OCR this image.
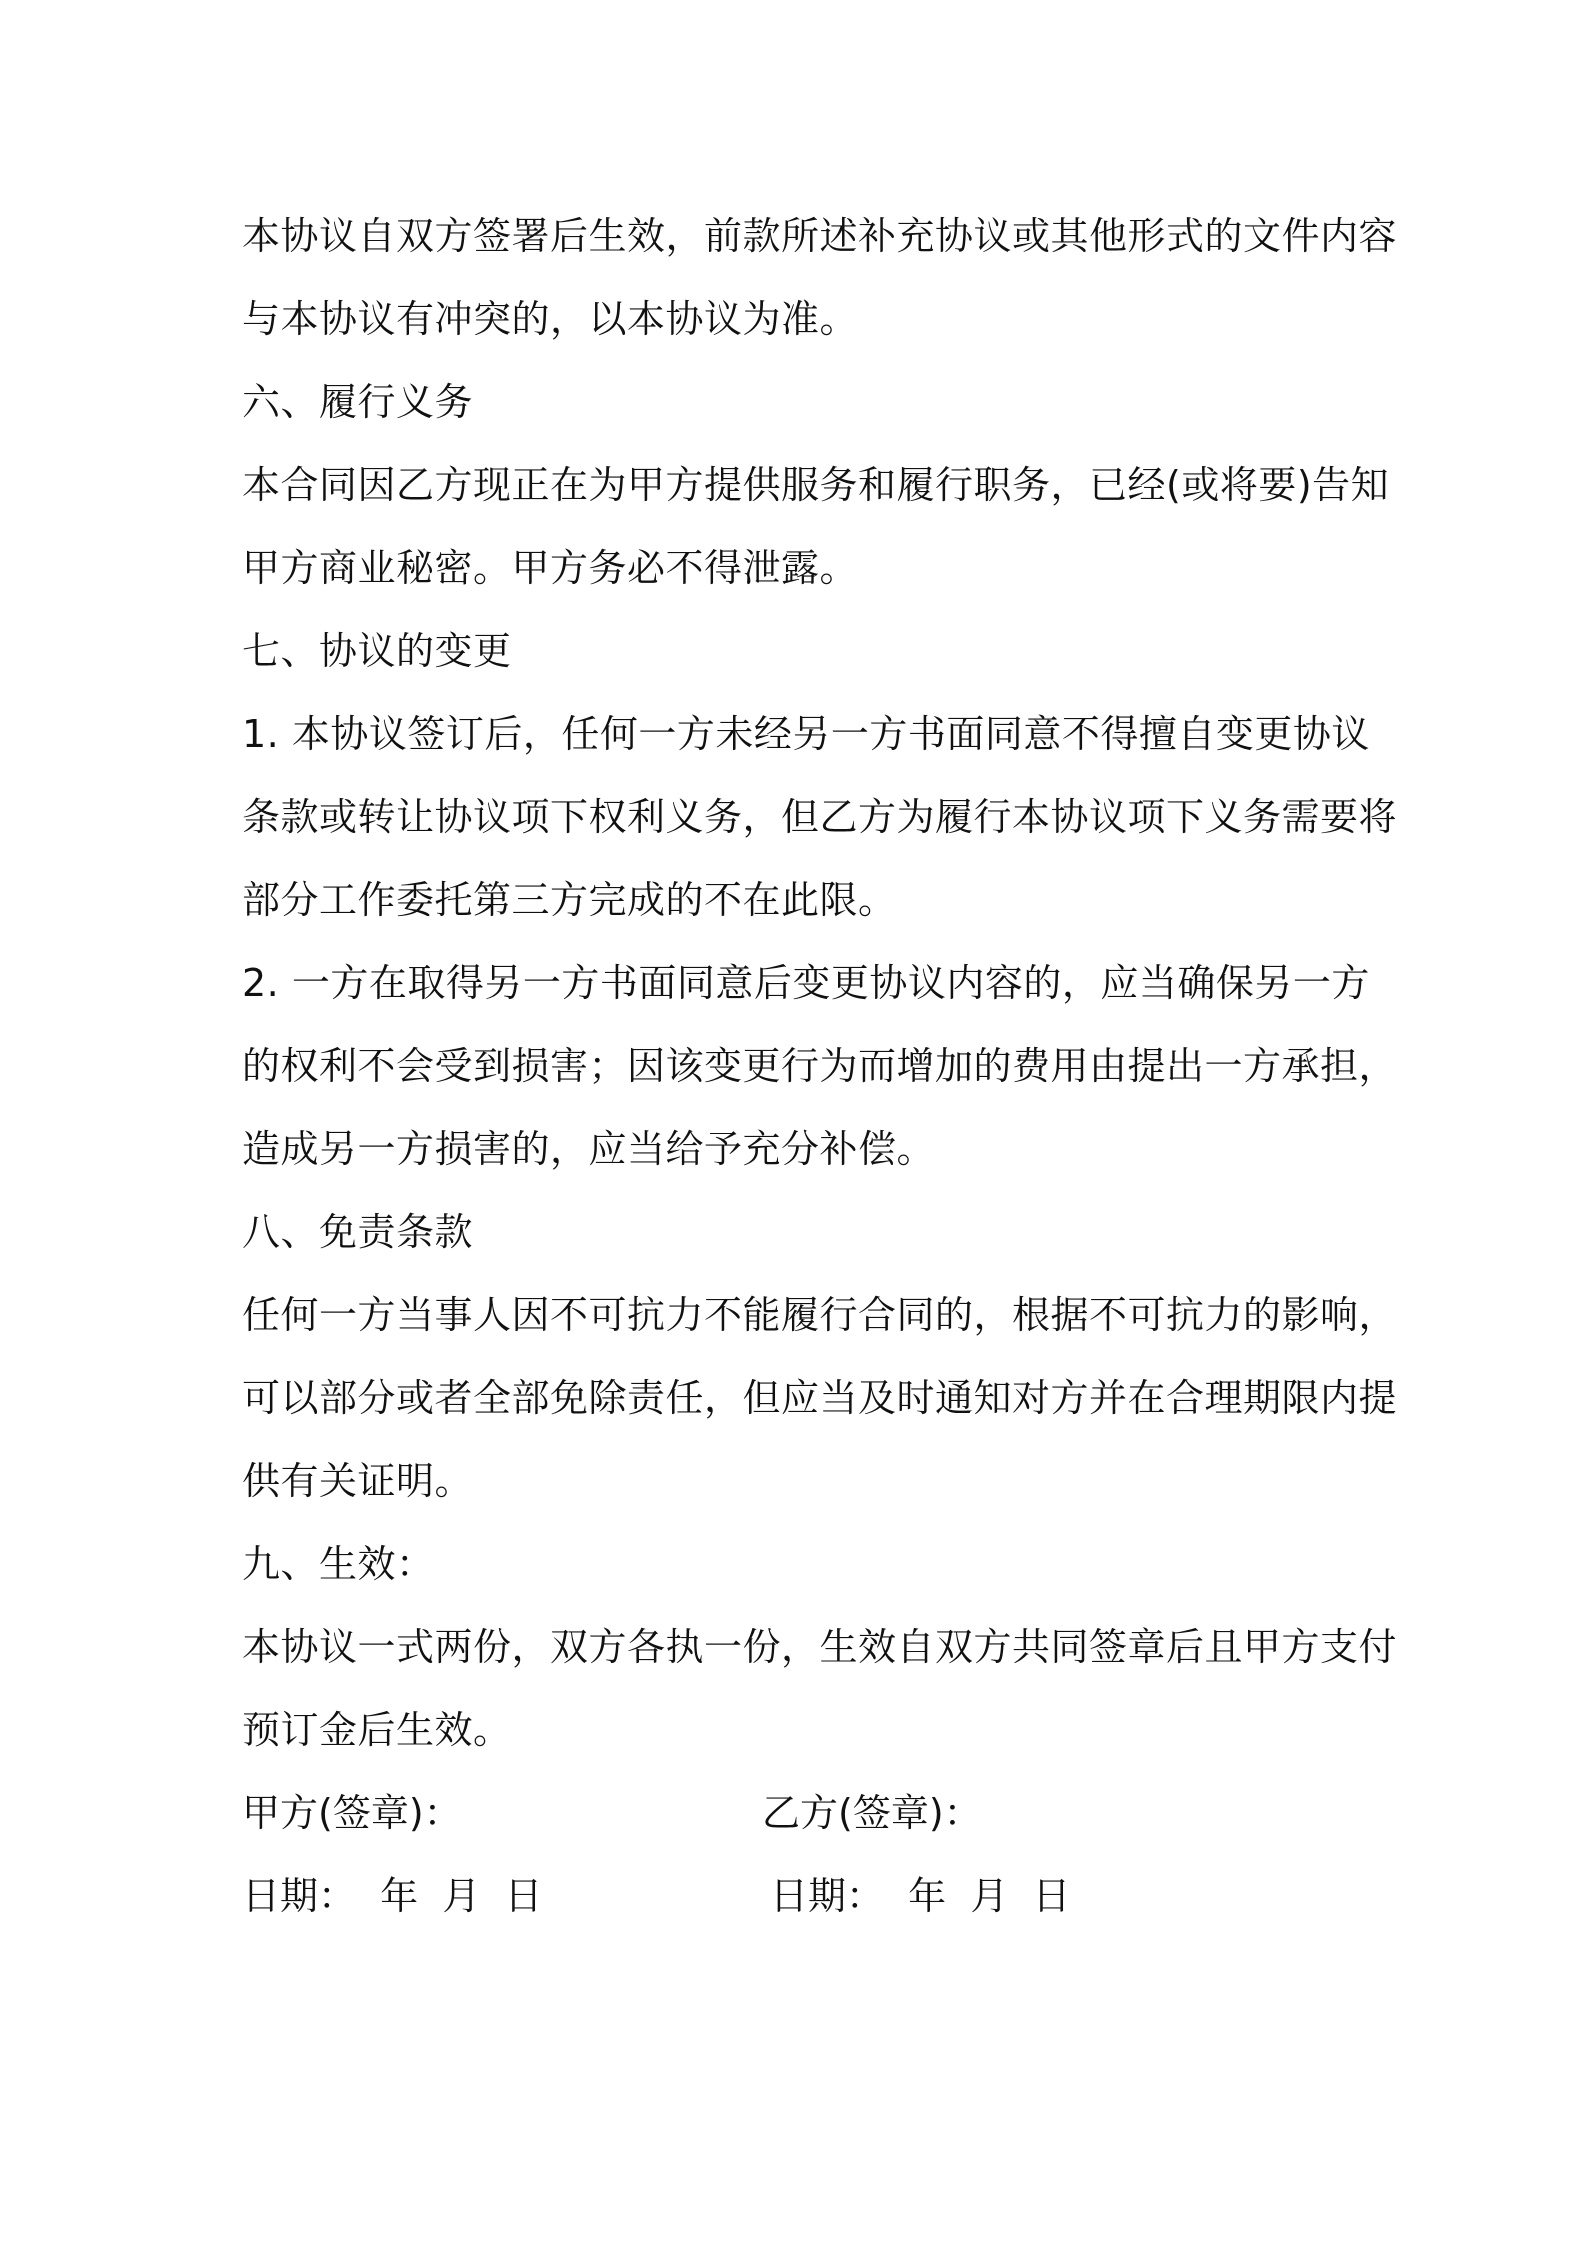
本协议自双方签署后生效，前款所述补充协议或其他形式的文件内容
与本协议有冲突的，以本协议为准。
六、履行义务
本合同因乙方现正在为甲方提供服务和履行职务，已经(或将要)告知
甲方商业秘密。甲方务必不得泄露。
七、协议的变更
1. 本协议签订后，任何一方未经另一方书面同意不得擅自变更协议
条款或转让协议项下权利义务，但乙方为履行本协议项下义务需要将
部分工作委托第三方完成的不在此限。
2. 一方在取得另一方书面同意后变更协议内容的，应当确保另一方
的权利不会受到损害；因该变更行为而增加的费用由提出一方承担，
造成另一方损害的，应当给予充分补偿。
八、免责条款
任何一方当事人因不可抗力不能履行合同的，根据不可抗力的影响，
可以部分或者全部免除责任，但应当及时通知对方并在合理期限内提
供有关证明。
九、生效：
本协议一式两份，双方各执一份，生效自双方共同签章后且甲方支付
预订金后生效。
甲方(签章)：	乙方(签章)：
日期：  年  月  日	日期：  年  月  日
